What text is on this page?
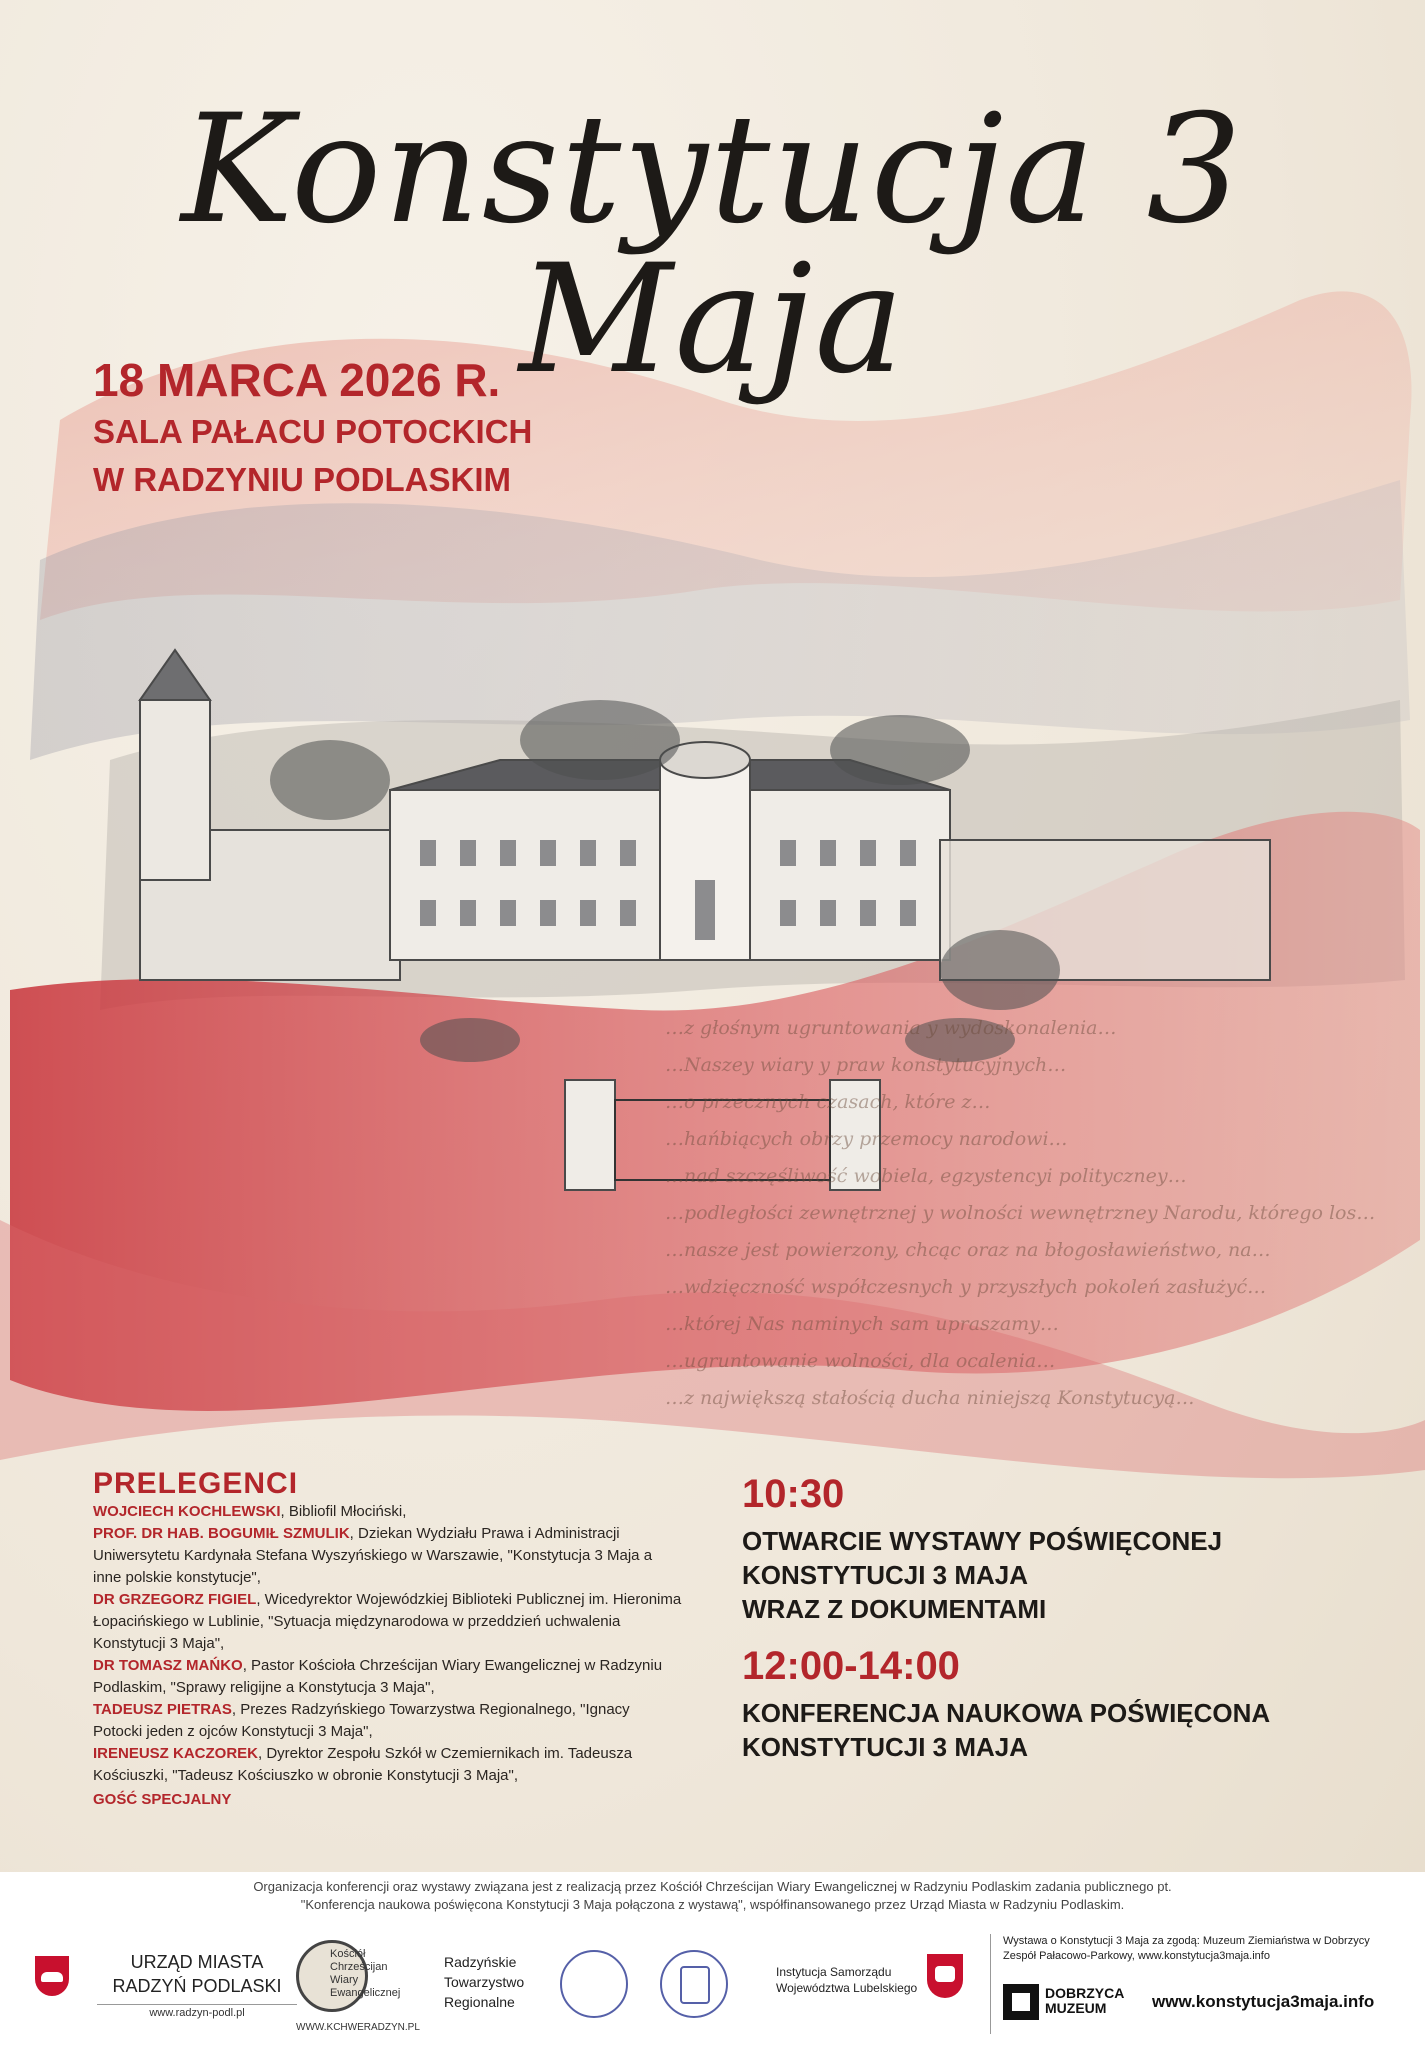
Konstytucja 3 Maja
18 MARCA 2026 R.
SALA PAŁACU POTOCKICH
W RADZYNIU PODLASKIM
…z głośnym ugruntowania y wydoskonalenia…
…Naszey wiary y praw konstytucyjnych…
…o przecznych czasach, które z…
…hańbiących obrzy przemocy narodowi…
…nad szczęśliwość wobiela, egzystencyi polityczney…
…podległości zewnętrznej y wolności wewnętrzney Narodu, którego los…
…nasze jest powierzony, chcąc oraz na błogosławieństwo, na…
…wdzięczność współczesnych y przyszłych pokoleń zasłużyć…
…której Nas naminych sam upraszamy…
…ugruntowanie wolności, dla ocalenia…
…z największą stałością ducha niniejszą Konstytucyą…
PRELEGENCI

WOJCIECH KOCHLEWSKI, Bibliofil Młociński,

PROF. DR HAB. BOGUMIŁ SZMULIK, Dziekan Wydziału Prawa i Administracji Uniwersytetu Kardynała Stefana Wyszyńskiego w Warszawie, "Konstytucja 3 Maja a inne polskie konstytucje",

DR GRZEGORZ FIGIEL, Wicedyrektor Wojewódzkiej Biblioteki Publicznej im. Hieronima Łopacińskiego w Lublinie, "Sytuacja międzynarodowa w przeddzień uchwalenia Konstytucji 3 Maja",

DR TOMASZ MAŃKO, Pastor Kościoła Chrześcijan Wiary Ewangelicznej w Radzyniu Podlaskim, "Sprawy religijne a Konstytucja 3 Maja",

TADEUSZ PIETRAS, Prezes Radzyńskiego Towarzystwa Regionalnego, "Ignacy Potocki jeden z ojców Konstytucji 3 Maja",

IRENEUSZ KACZOREK, Dyrektor Zespołu Szkół w Czemiernikach im. Tadeusza Kościuszki, "Tadeusz Kościuszko w obronie Konstytucji 3 Maja",

GOŚĆ SPECJALNY
10:30
OTWARCIE WYSTAWY POŚWIĘCONEJ
KONSTYTUCJI 3 MAJA
WRAZ Z DOKUMENTAMI
12:00-14:00
KONFERENCJA NAUKOWA POŚWIĘCONA
KONSTYTUCJI 3 MAJA
Organizacja konferencji oraz wystawy związana jest z realizacją przez Kościół Chrześcijan Wiary Ewangelicznej w Radzyniu Podlaskim zadania publicznego pt.
"Konferencja naukowa poświęcona Konstytucji 3 Maja połączona z wystawą", współfinansowanego przez Urząd Miasta w Radzyniu Podlaskim.
URZĄD MIASTA
RADZYŃ PODLASKI
www.radzyn-podl.pl
Kościół
Chrześcijan
Wiary
Ewangelicznej
WWW.KCHWERADZYN.PL
Radzyńskie
Towarzystwo
Regionalne
Instytucja Samorządu
Województwa Lubelskiego
Wystawa o Konstytucji 3 Maja za zgodą: Muzeum Ziemiaństwa w Dobrzycy
Zespół Pałacowo-Parkowy, www.konstytucja3maja.info
DOBRZYCA
MUZEUM	www.konstytucja3maja.info
